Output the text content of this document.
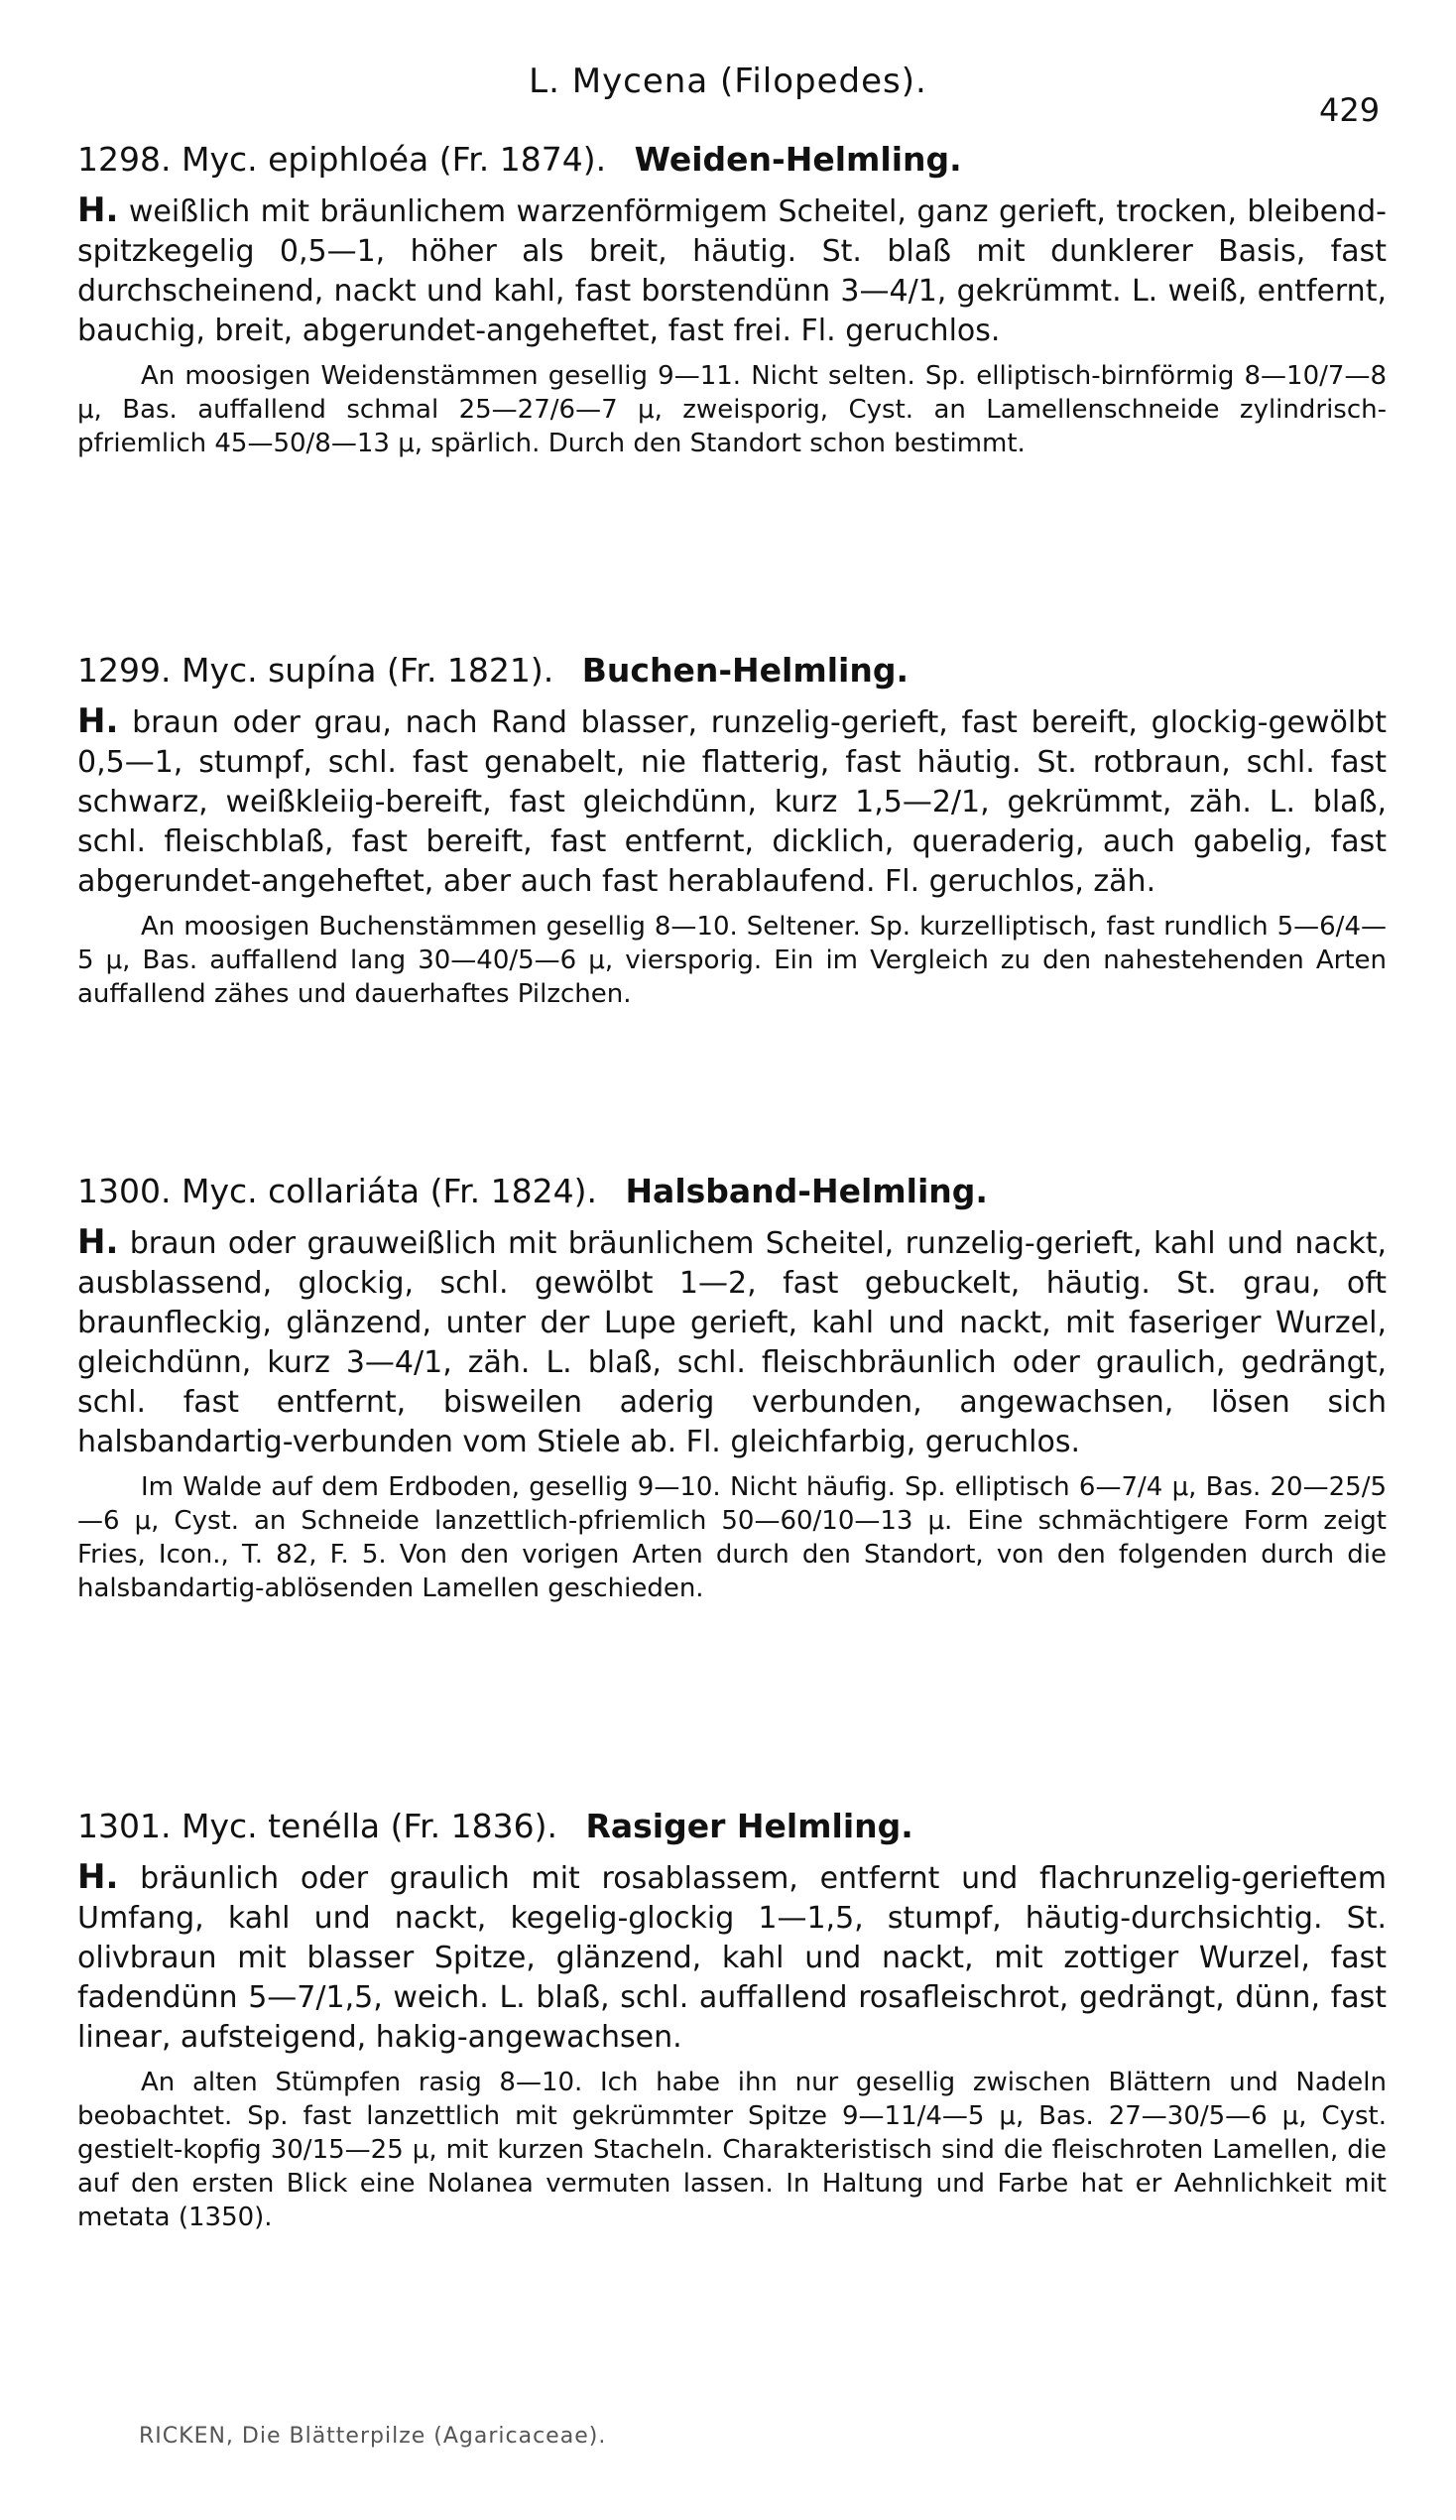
L. Mycena (Filopedes).
429
1298. Myc. epiphloéa (Fr. 1874). Weiden-Helmling.
H. weißlich mit bräunlichem warzenförmigem Scheitel, ganz gerieft, trocken, bleibend-spitzkegelig 0,5—1, höher als breit, häutig. St. blaß mit dunklerer Basis, fast durchscheinend, nackt und kahl, fast borstendünn 3—4/1, gekrümmt. L. weiß, entfernt, bauchig, breit, abgerundet-angeheftet, fast frei. Fl. geruchlos.
An moosigen Weidenstämmen gesellig 9—11. Nicht selten. Sp. elliptisch-birnförmig 8—10/7—8 μ, Bas. auffallend schmal 25—27/6—7 μ, zweisporig, Cyst. an Lamellenschneide zylindrisch-pfriemlich 45—50/8—13 μ, spärlich. Durch den Standort schon bestimmt.
1299. Myc. supína (Fr. 1821). Buchen-Helmling.
H. braun oder grau, nach Rand blasser, runzelig-gerieft, fast bereift, glockig-gewölbt 0,5—1, stumpf, schl. fast genabelt, nie flatterig, fast häutig. St. rotbraun, schl. fast schwarz, weißkleiig-bereift, fast gleichdünn, kurz 1,5—2/1, gekrümmt, zäh. L. blaß, schl. fleischblaß, fast bereift, fast entfernt, dicklich, queraderig, auch gabelig, fast abgerundet-angeheftet, aber auch fast herablaufend. Fl. geruchlos, zäh.
An moosigen Buchenstämmen gesellig 8—10. Seltener. Sp. kurzelliptisch, fast rundlich 5—6/4—5 μ, Bas. auffallend lang 30—40/5—6 μ, viersporig. Ein im Vergleich zu den nahestehenden Arten auffallend zähes und dauerhaftes Pilzchen.
1300. Myc. collariáta (Fr. 1824). Halsband-Helmling.
H. braun oder grauweißlich mit bräunlichem Scheitel, runzelig-gerieft, kahl und nackt, ausblassend, glockig, schl. gewölbt 1—2, fast gebuckelt, häutig. St. grau, oft braunfleckig, glänzend, unter der Lupe gerieft, kahl und nackt, mit faseriger Wurzel, gleichdünn, kurz 3—4/1, zäh. L. blaß, schl. fleischbräunlich oder graulich, gedrängt, schl. fast entfernt, bisweilen aderig verbunden, angewachsen, lösen sich halsbandartig-verbunden vom Stiele ab. Fl. gleichfarbig, geruchlos.
Im Walde auf dem Erdboden, gesellig 9—10. Nicht häufig. Sp. elliptisch 6—7/4 μ, Bas. 20—25/5—6 μ, Cyst. an Schneide lanzettlich-pfriemlich 50—60/10—13 μ. Eine schmächtigere Form zeigt Fries, Icon., T. 82, F. 5. Von den vorigen Arten durch den Standort, von den folgenden durch die halsbandartig-ablösenden Lamellen geschieden.
1301. Myc. tenélla (Fr. 1836). Rasiger Helmling.
H. bräunlich oder graulich mit rosablassem, entfernt und flachrunzelig-gerieftem Umfang, kahl und nackt, kegelig-glockig 1—1,5, stumpf, häutig-durchsichtig. St. olivbraun mit blasser Spitze, glänzend, kahl und nackt, mit zottiger Wurzel, fast fadendünn 5—7/1,5, weich. L. blaß, schl. auffallend rosafleischrot, gedrängt, dünn, fast linear, aufsteigend, hakig-angewachsen.
An alten Stümpfen rasig 8—10. Ich habe ihn nur gesellig zwischen Blättern und Nadeln beobachtet. Sp. fast lanzettlich mit gekrümmter Spitze 9—11/4—5 μ, Bas. 27—30/5—6 μ, Cyst. gestielt-kopfig 30/15—25 μ, mit kurzen Stacheln. Charakteristisch sind die fleischroten Lamellen, die auf den ersten Blick eine Nolanea vermuten lassen. In Haltung und Farbe hat er Aehnlichkeit mit metata (1350).
RICKEN, Die Blätterpilze (Agaricaceae).
